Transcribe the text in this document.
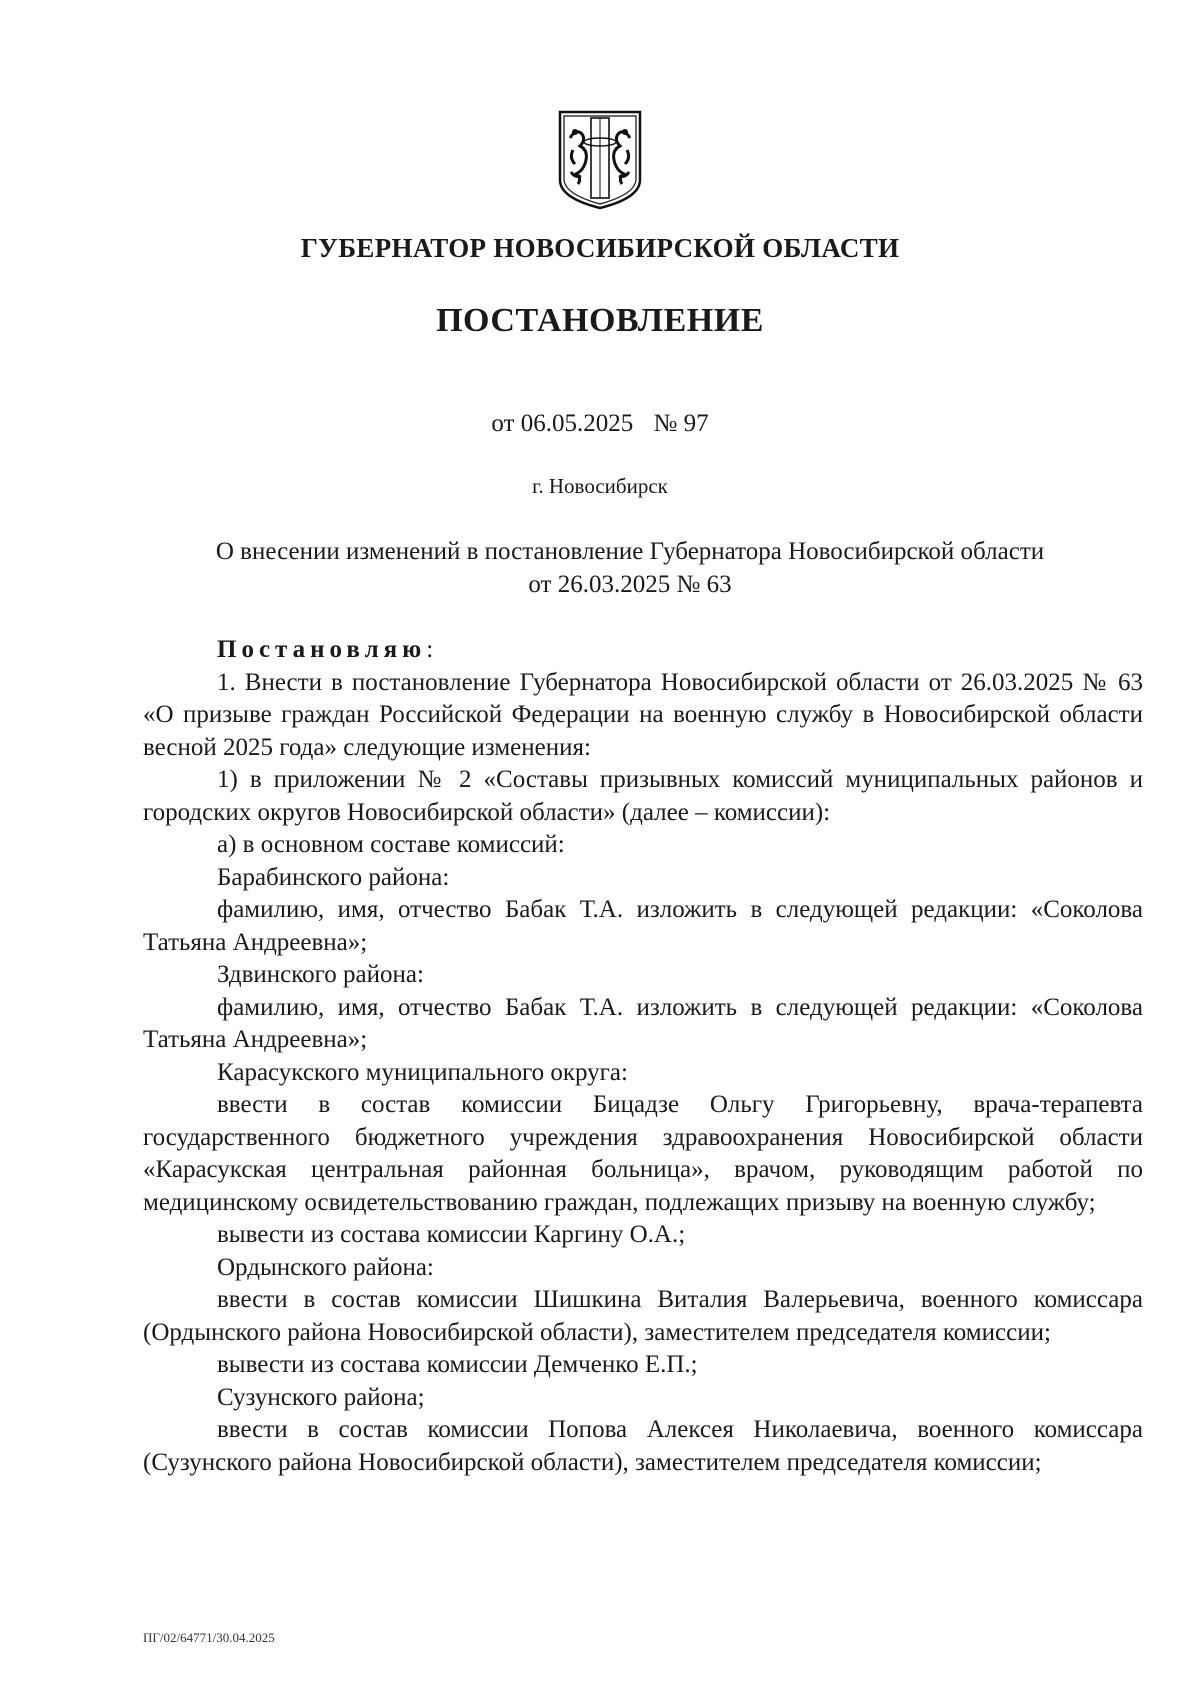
ГУБЕРНАТОР НОВОСИБИРСКОЙ ОБЛАСТИ
ПОСТАНОВЛЕНИЕ
от 06.05.2025 № 97
г. Новосибирск
О внесении изменений в постановление Губернатора Новосибирской области
от 26.03.2025 № 63

Постановляю:

1. Внести в постановление Губернатора Новосибирской области от 26.03.2025 № 63 «О призыве граждан Российской Федерации на военную службу в Новосибирской области весной 2025 года» следующие изменения:

1) в приложении № 2 «Составы призывных комиссий муниципальных районов и городских округов Новосибирской области» (далее – комиссии):

а) в основном составе комиссий:

Барабинского района:

фамилию, имя, отчество Бабак Т.А. изложить в следующей редакции: «Соколова Татьяна Андреевна»;

Здвинского района:

фамилию, имя, отчество Бабак Т.А. изложить в следующей редакции: «Соколова Татьяна Андреевна»;

Карасукского муниципального округа:

ввести в состав комиссии Бицадзе Ольгу Григорьевну, врача-терапевта государственного бюджетного учреждения здравоохранения Новосибирской области «Карасукская центральная районная больница», врачом, руководящим работой по медицинскому освидетельствованию граждан, подлежащих призыву на военную службу;

вывести из состава комиссии Каргину О.А.;

Ордынского района:

ввести в состав комиссии Шишкина Виталия Валерьевича, военного комиссара (Ордынского района Новосибирской области), заместителем председателя комиссии;

вывести из состава комиссии Демченко Е.П.;

Сузунского района;

ввести в состав комиссии Попова Алексея Николаевича, военного комиссара (Сузунского района Новосибирской области), заместителем председателя комиссии;

ПГ/02/64771/30.04.2025
